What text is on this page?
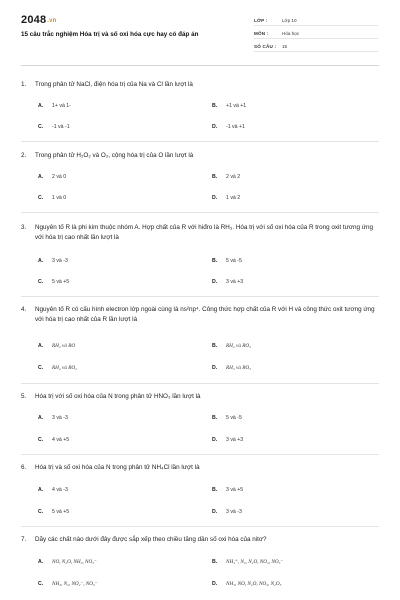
2048.vn
15 câu trắc nghiệm Hóa trị và số oxi hóa cực hay có đáp án
LỚP :	Lớp 10
MÔN :	Hóa học
SỐ CÂU : 15
1. Trong phân tử NaCl, điện hóa trị của Na và Cl lần lượt là
A. 1+ và 1-	B. +1 và +1
C. -1 và -1	D. -1 và +1
2. Trong phân tử H₂O₂ và O₂, cộng hóa trị của O lần lượt là
A. 2 và 0	B. 2 và 2
C. 1 và 0	D. 1 và 2
3. Nguyên tố R là phi kim thuộc nhóm A. Hợp chất của R với hiđro là RH₃. Hóa trị với số oxi hóa của R trong oxit tương ứng với hóa trị cao nhất lần lượt là
A. 3 và -3	B. 5 và -5
C. 5 và +5	D. 3 và +3
4. Nguyên tố R có cấu hình electron lớp ngoài cùng là ns²np⁴. Công thức hợp chất của R với H và công thức oxit tương ứng với hóa trị cao nhất của R lần lượt là
A. RH₂ và RO	B. RH₂ và RO₃
C. RH₄ và RO₂	D. RH₃ và RO₃
5. Hóa trị với số oxi hóa của N trong phân tử HNO₃ lần lượt là
A. 3 và -3	B. 5 và -5
C. 4 và +5	D. 3 và +3
6. Hóa trị và số oxi hóa của N trong phân tử NH₄Cl lần lượt là
A. 4 và -3	B. 3 và +5
C. 5 và +5	D. 3 và -3
7. Dãy các chất nào dưới đây được sắp xếp theo chiều tăng dần số oxi hóa của nitơ?
A. NO, N₂O, NH₃, NO₃⁻	B. NH₄⁺, N₂, N₂O, NO₂, NO₃⁻
C. NH₃, N₂, NO₂⁻, NO₃⁻	D. NH₃, NO, N₂O, NO₂, N₂O₅
